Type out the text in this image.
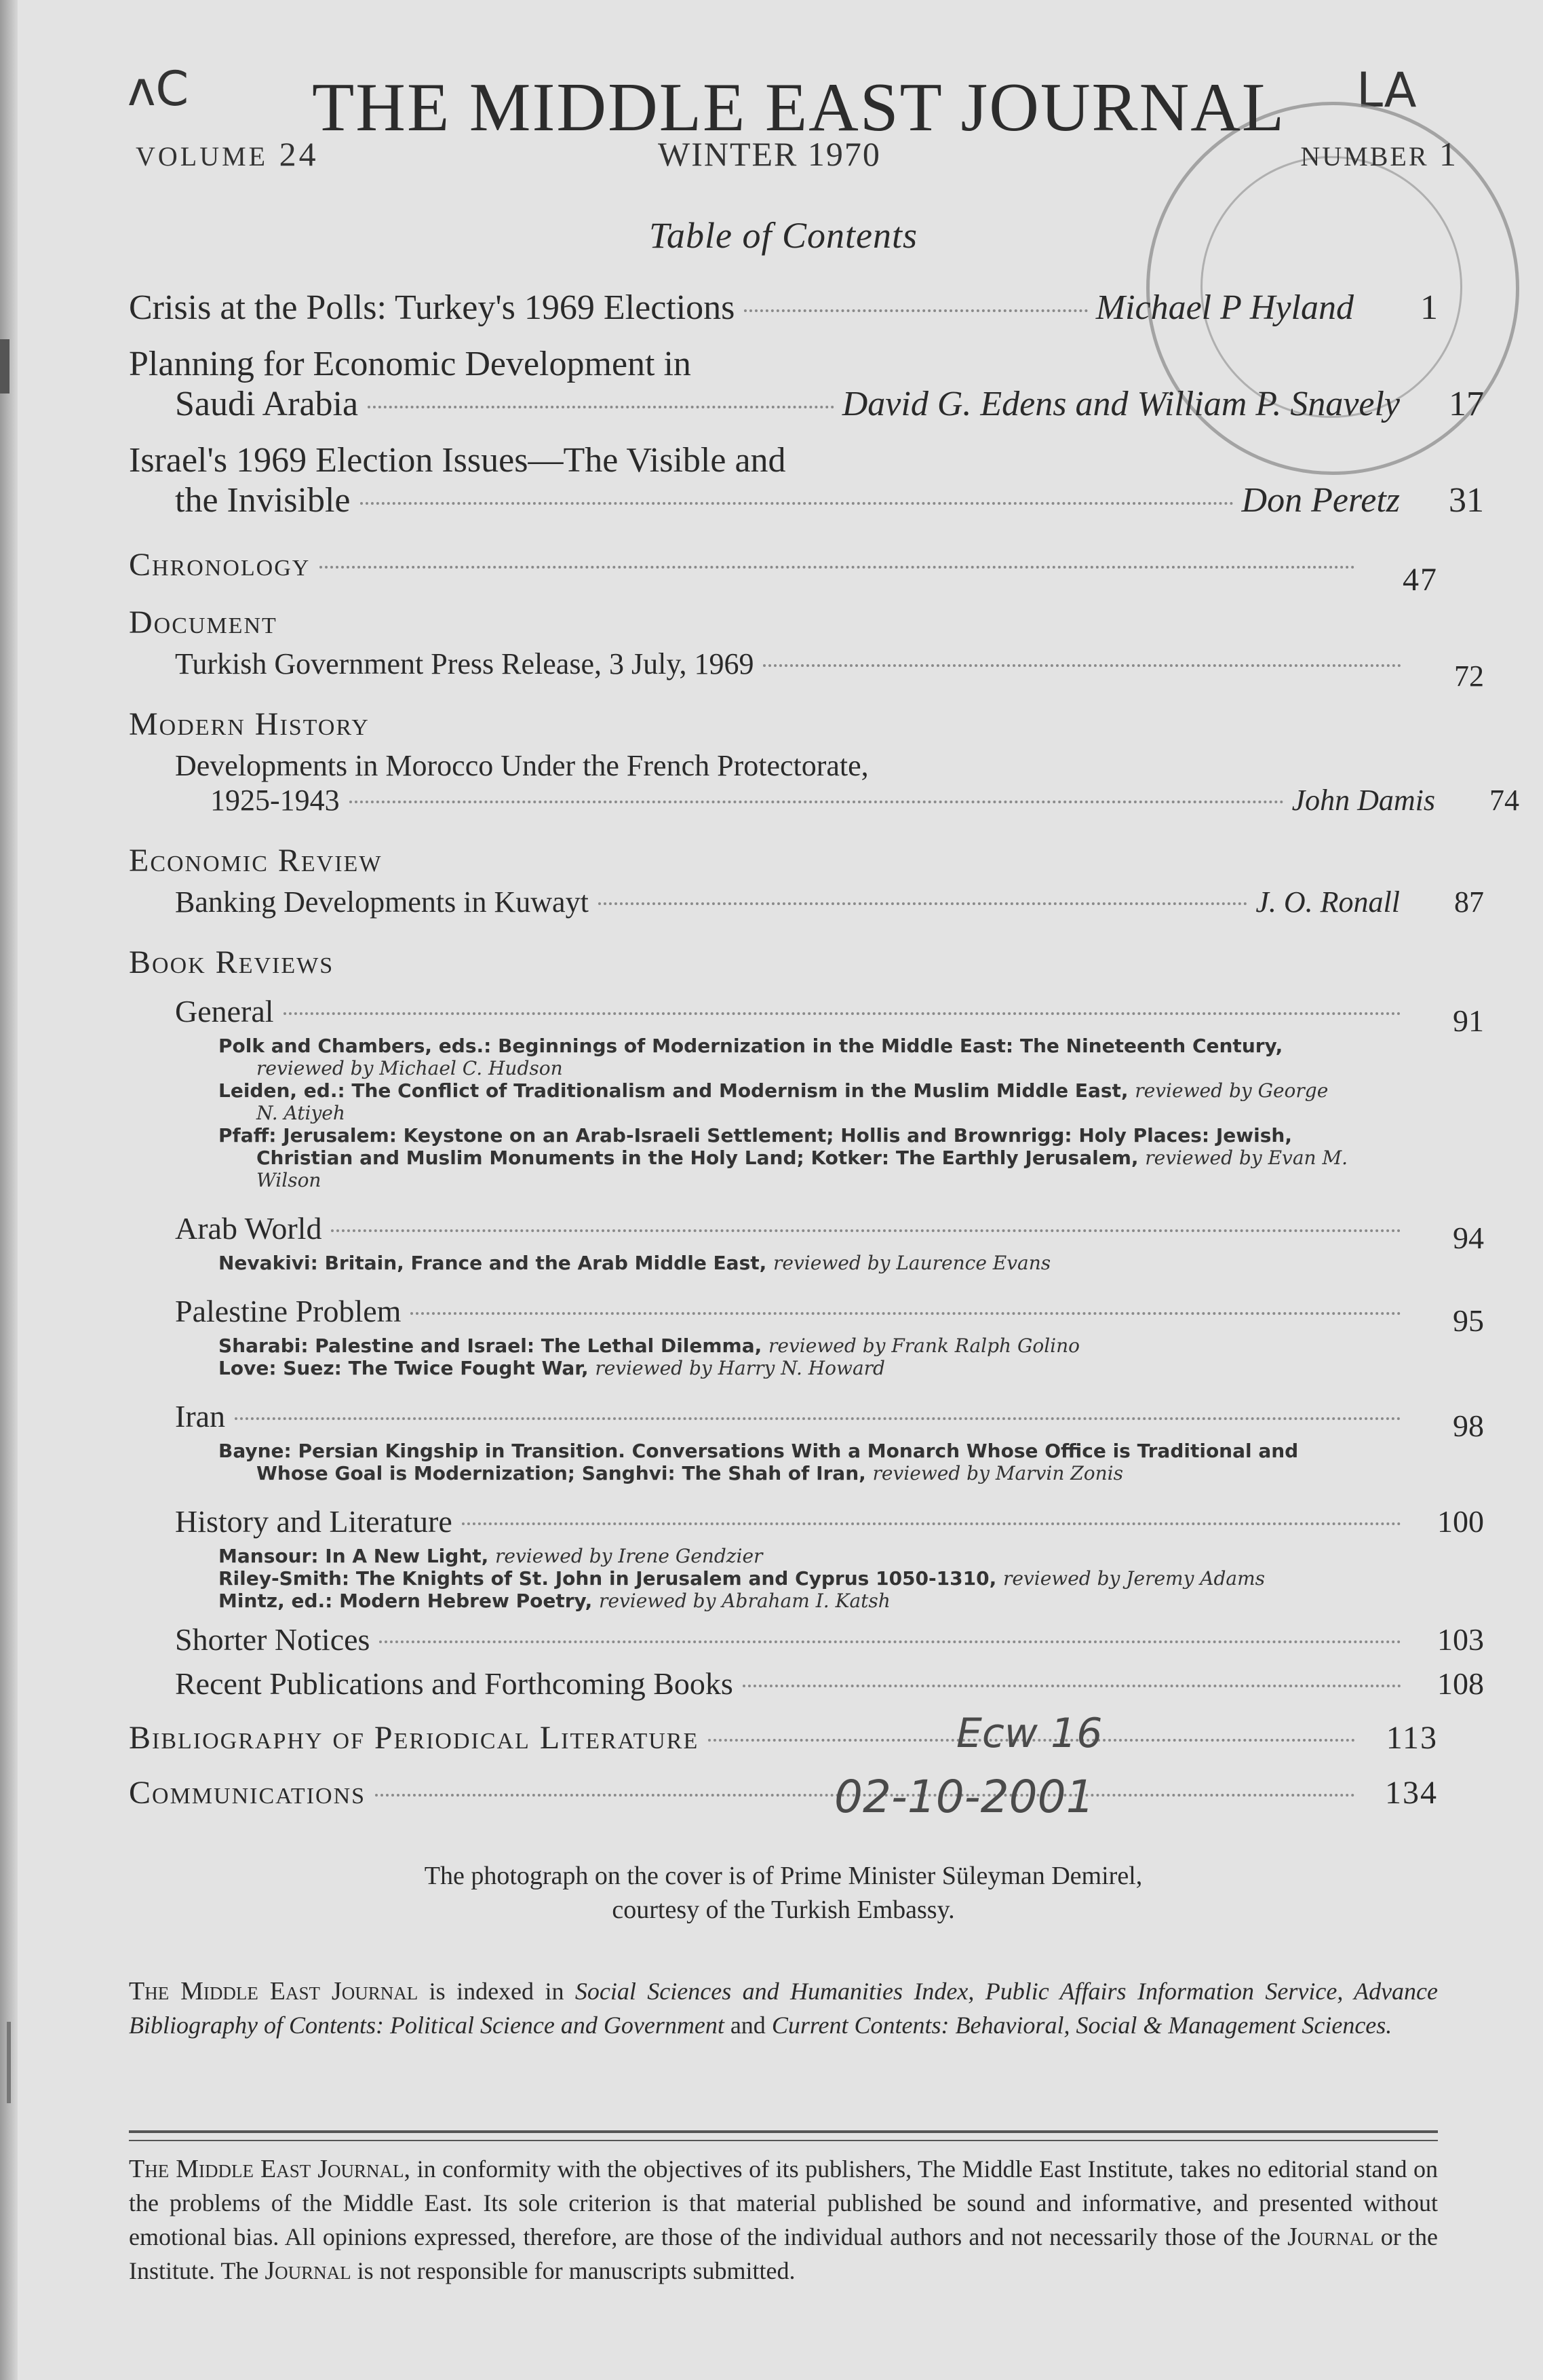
ᴧC	LA
THE MIDDLE EAST JOURNAL
VOLUME 24	WINTER 1970	NUMBER 1
Table of Contents
Crisis at the Polls: Turkey's 1969 Elections	Michael P Hyland	1
Planning for Economic Development in
Saudi Arabia	David G. Edens and William P. Snavely	17
Israel's 1969 Election Issues—The Visible and
the Invisible	Don Peretz	31
Chronology	47
Document
Turkish Government Press Release, 3 July, 1969	72
Modern History
Developments in Morocco Under the French Protectorate,
1925-1943	John Damis	74
Economic Review
Banking Developments in Kuwayt	J. O. Ronall	87
Book Reviews
General	91
Polk and Chambers, eds.: Beginnings of Modernization in the Middle East: The Nineteenth Century, reviewed by Michael C. Hudson
Leiden, ed.: The Conflict of Traditionalism and Modernism in the Muslim Middle East, reviewed by George N. Atiyeh
Pfaff: Jerusalem: Keystone on an Arab-Israeli Settlement; Hollis and Brownrigg: Holy Places: Jewish, Christian and Muslim Monuments in the Holy Land; Kotker: The Earthly Jerusalem, reviewed by Evan M. Wilson
Arab World	94
Nevakivi: Britain, France and the Arab Middle East, reviewed by Laurence Evans
Palestine Problem	95
Sharabi: Palestine and Israel: The Lethal Dilemma, reviewed by Frank Ralph Golino
Love: Suez: The Twice Fought War, reviewed by Harry N. Howard
Iran	98
Bayne: Persian Kingship in Transition. Conversations With a Monarch Whose Office is Traditional and Whose Goal is Modernization; Sanghvi: The Shah of Iran, reviewed by Marvin Zonis
History and Literature	100
Mansour: In A New Light, reviewed by Irene Gendzier
Riley-Smith: The Knights of St. John in Jerusalem and Cyprus 1050-1310, reviewed by Jeremy Adams
Mintz, ed.: Modern Hebrew Poetry, reviewed by Abraham I. Katsh
Shorter Notices	103
Recent Publications and Forthcoming Books	108
Bibliography of Periodical Literature	113
Communications	134
The photograph on the cover is of Prime Minister Süleyman Demirel,
courtesy of the Turkish Embassy.
The Middle East Journal is indexed in Social Sciences and Humanities Index, Public Affairs Information Service, Advance Bibliography of Contents: Political Science and Government and Current Contents: Behavioral, Social & Management Sciences.
The Middle East Journal, in conformity with the objectives of its publishers, The Middle East Institute, takes no editorial stand on the problems of the Middle East. Its sole criterion is that material published be sound and informative, and presented without emotional bias. All opinions expressed, therefore, are those of the individual authors and not necessarily those of the Journal or the Institute. The Journal is not responsible for manuscripts submitted.
Ecw 16
02-10-2001
